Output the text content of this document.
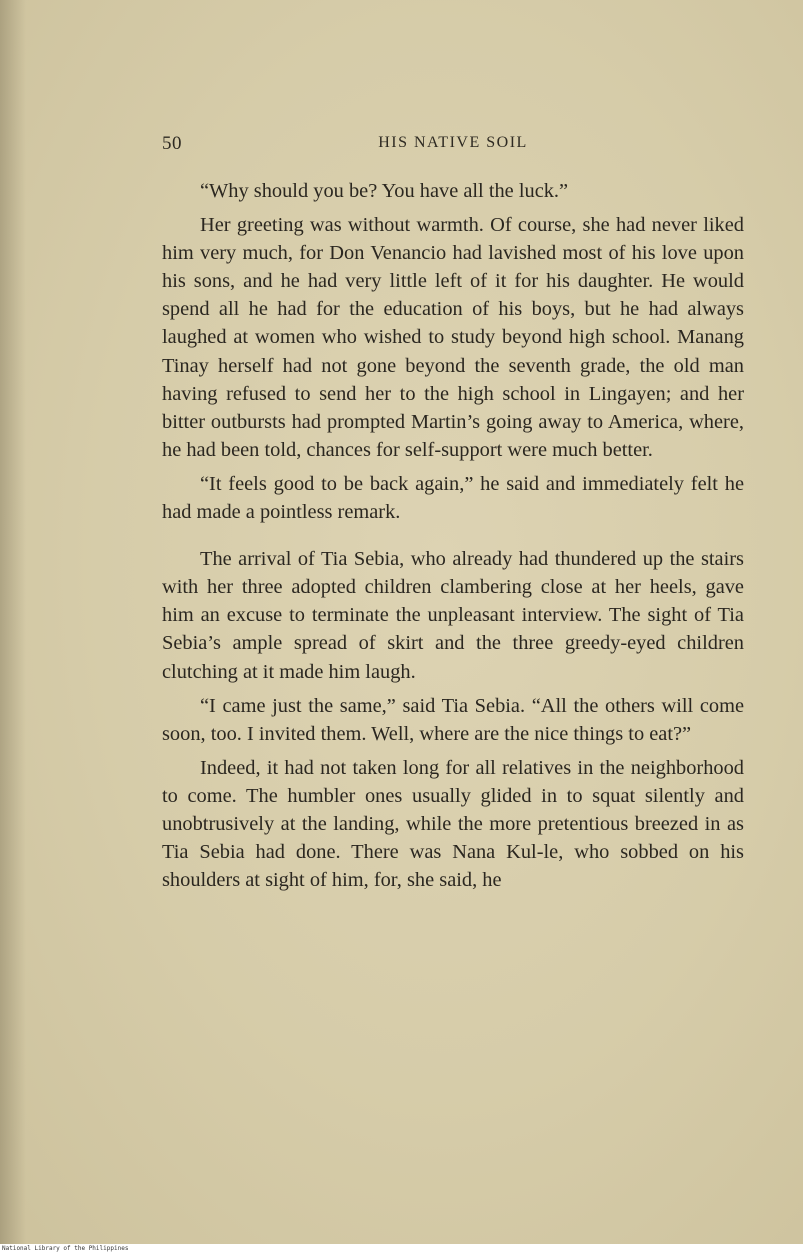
50	HIS NATIVE SOIL

“Why should you be? You have all the luck.”

Her greeting was without warmth. Of course, she had never liked him very much, for Don Venancio had lavished most of his love upon his sons, and he had very little left of it for his daughter. He would spend all he had for the education of his boys, but he had always laughed at women who wished to study beyond high school. Manang Tinay herself had not gone beyond the seventh grade, the old man having refused to send her to the high school in Lingayen; and her bitter outbursts had prompted Martin’s going away to America, where, he had been told, chances for self-support were much better.

“It feels good to be back again,” he said and immediately felt he had made a pointless remark.

The arrival of Tia Sebia, who already had thundered up the stairs with her three adopted children clambering close at her heels, gave him an excuse to terminate the unpleasant interview. The sight of Tia Sebia’s ample spread of skirt and the three greedy-eyed children clutching at it made him laugh.

“I came just the same,” said Tia Sebia. “All the others will come soon, too. I invited them. Well, where are the nice things to eat?”

Indeed, it had not taken long for all relatives in the neighborhood to come. The humbler ones usually glided in to squat silently and unobtrusively at the landing, while the more pretentious breezed in as Tia Sebia had done. There was Nana Kul-le, who sobbed on his shoulders at sight of him, for, she said, he

National Library of the Philippines
